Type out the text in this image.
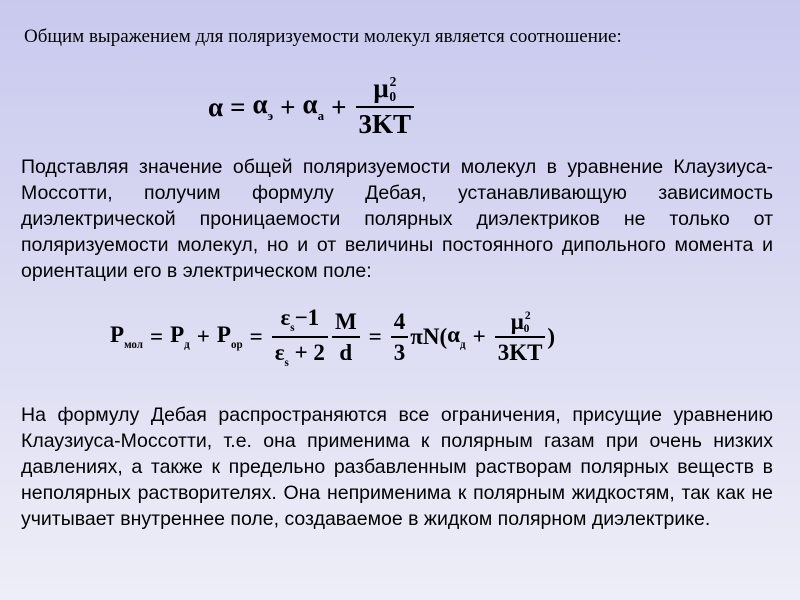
Общим выражением для поляризуемости молекул является соотношение:
$\alpha = \alpha_э + \alpha_а + \frac{\mu^20}{3KT}$
Подставляя значение общей поляризуемости молекул в уравнение Клаузиуса-Моссотти, получим формулу Дебая, устанавливающую зависимость диэлектрической проницаемости полярных диэлектриков не только от поляризуемости молекул, но и от величины постоянного дипольного момента и ориентации его в электрическом поле:
$P_{мол} = P_д + P_{ор} = \frac{\varepsilon_s-1}{\varepsilon_s + 2} \frac{M}{d} = \frac{4}{3} \pi N$( $\alpha_д + \frac{\mu^20}{3KT}$ )
На формулу Дебая распространяются все ограничения, присущие уравнению Клаузиуса-Моссотти, т.е. она применима к полярным газам при очень низких давлениях, а также к предельно разбавленным растворам полярных веществ в неполярных растворителях. Она неприменима к полярным жидкостям, так как не учитывает внутреннее поле, создаваемое в жидком полярном диэлектрике.
